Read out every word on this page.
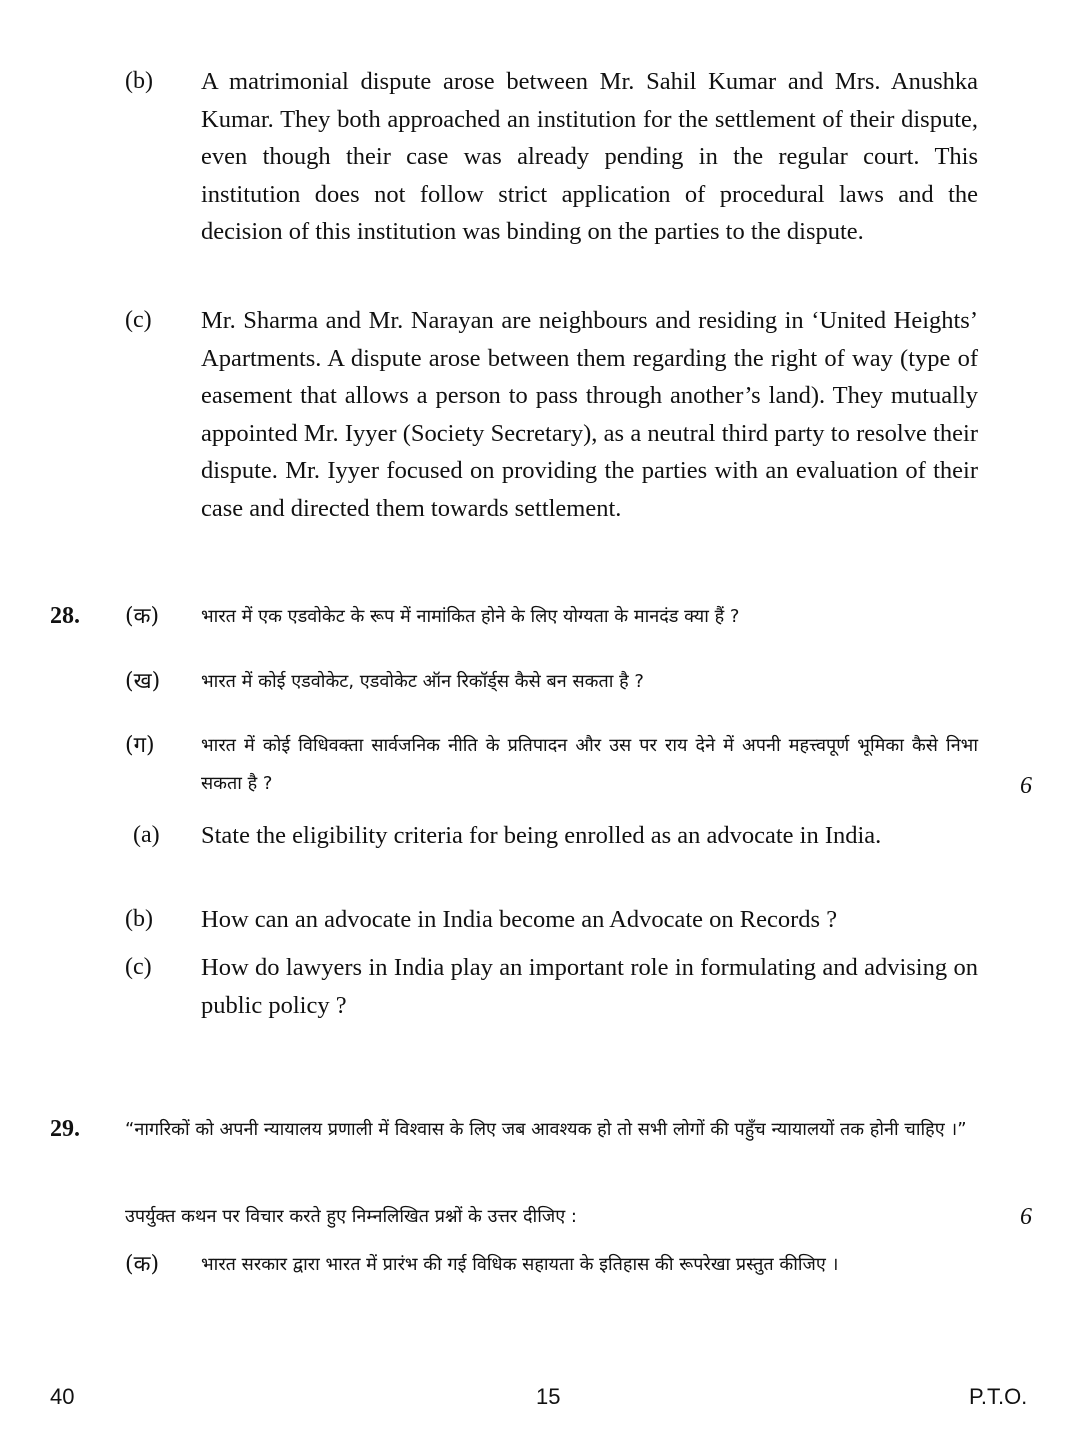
(b) A matrimonial dispute arose between Mr. Sahil Kumar and Mrs. Anushka Kumar. They both approached an institution for the settlement of their dispute, even though their case was already pending in the regular court. This institution does not follow strict application of procedural laws and the decision of this institution was binding on the parties to the dispute.
(c) Mr. Sharma and Mr. Narayan are neighbours and residing in ‘United Heights’ Apartments. A dispute arose between them regarding the right of way (type of easement that allows a person to pass through another’s land). They mutually appointed Mr. Iyyer (Society Secretary), as a neutral third party to resolve their dispute. Mr. Iyyer focused on providing the parties with an evaluation of their case and directed them towards settlement.
28. (क) भारत में एक एडवोकेट के रूप में नामांकित होने के लिए योग्यता के मानदंड क्या हैं ?
(ख) भारत में कोई एडवोकेट, एडवोकेट ऑन रिकॉर्ड्स कैसे बन सकता है ?
(ग)	भारत में कोई विधिवक्ता सार्वजनिक नीति के प्रतिपादन और उस पर राय देने में अपनी महत्त्वपूर्ण भूमिका कैसे निभा सकता है ?	6
(a) State the eligibility criteria for being enrolled as an advocate in India.
(b) How can an advocate in India become an Advocate on Records ?
(c) How do lawyers in India play an important role in formulating and advising on public policy ?
29.	“नागरिकों को अपनी न्यायालय प्रणाली में विश्वास के लिए जब आवश्यक हो तो सभी लोगों की पहुँच न्यायालयों तक होनी चाहिए ।”
उपर्युक्त कथन पर विचार करते हुए निम्नलिखित प्रश्नों के उत्तर दीजिए :	6
(क) भारत सरकार द्वारा भारत में प्रारंभ की गई विधिक सहायता के इतिहास की रूपरेखा प्रस्तुत कीजिए ।
40	15	P.T.O.
